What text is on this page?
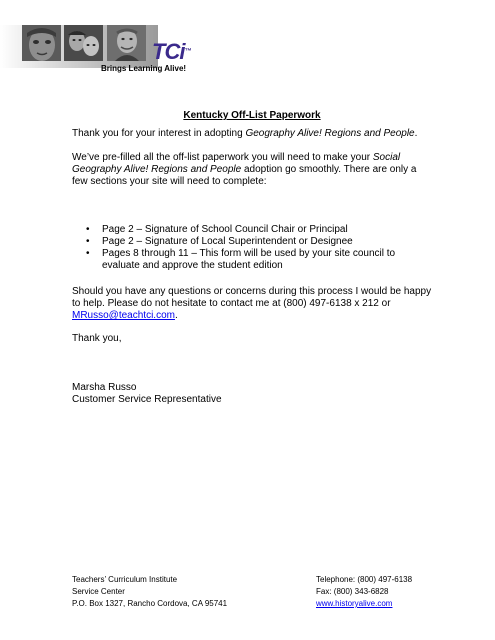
TCi™
Brings Learning Alive!

Kentucky Off-List Paperwork

Thank you for your interest in adopting Geography Alive! Regions and People.

We’ve pre-filled all the off-list paperwork you will need to make your Social Geography Alive! Regions and People adoption go smoothly. There are only a few sections your site will need to complete:

• Page 2 – Signature of School Council Chair or Principal
• Page 2 – Signature of Local Superintendent or Designee
• Pages 8 through 11 – This form will be used by your site council to evaluate and approve the student edition

Should you have any questions or concerns during this process I would be happy to help. Please do not hesitate to contact me at (800) 497-6138 x 212 or MRusso@teachtci.com.

Thank you,

Marsha Russo

Customer Service Representative

Teachers’ Curriculum Institute
Service Center
P.O. Box 1327, Rancho Cordova, CA 95741
Telephone: (800) 497-6138
Fax: (800) 343-6828
www.historyalive.com
